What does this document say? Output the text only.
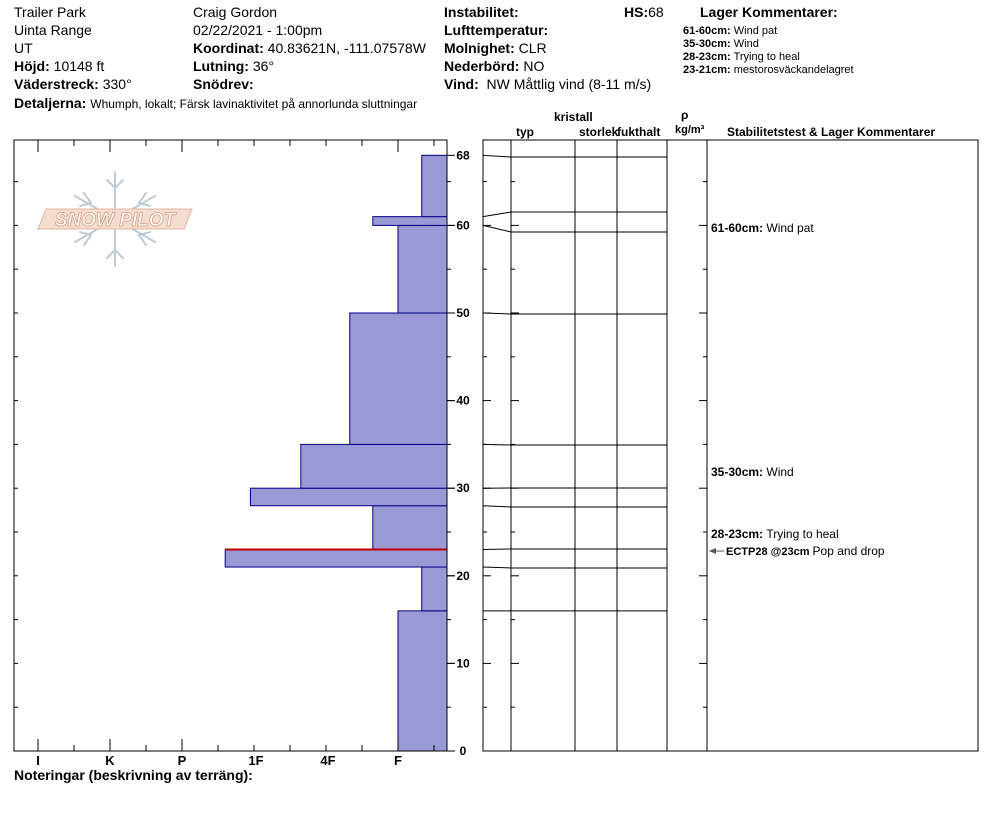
Trailer Park
Uinta Range
UT
Höjd: 10148 ft
Väderstreck: 330°
Detaljerna: Whumph, lokalt; Färsk lavinaktivitet på annorlunda sluttningar
Craig Gordon
02/22/2021 - 1:00pm
Koordinat: 40.83621N, -111.07578W
Lutning: 36°
Snödrev:
Instabilitet:	HS:68
Lufttemperatur:
Molnighet: CLR
Nederbörd: NO
Vind: NW Måttlig vind (8-11 m/s)
Lager Kommentarer:
61-60cm: Wind pat
35-30cm: Wind
28-23cm: Trying to heal
23-21cm: mestorosväckandelagret
kristall
typ	storlek
fukthalt
ρ
kg/m³ Stabilitetstest & Lager Kommentarer
SNOW PILOT
I	K	P	1F	4F	F
0
10
20
30
40
50
60
68
61-60cm: Wind pat
35-30cm: Wind
28-23cm: Trying to heal
ECTP28 @23cm Pop and drop
Noteringar (beskrivning av terräng):
